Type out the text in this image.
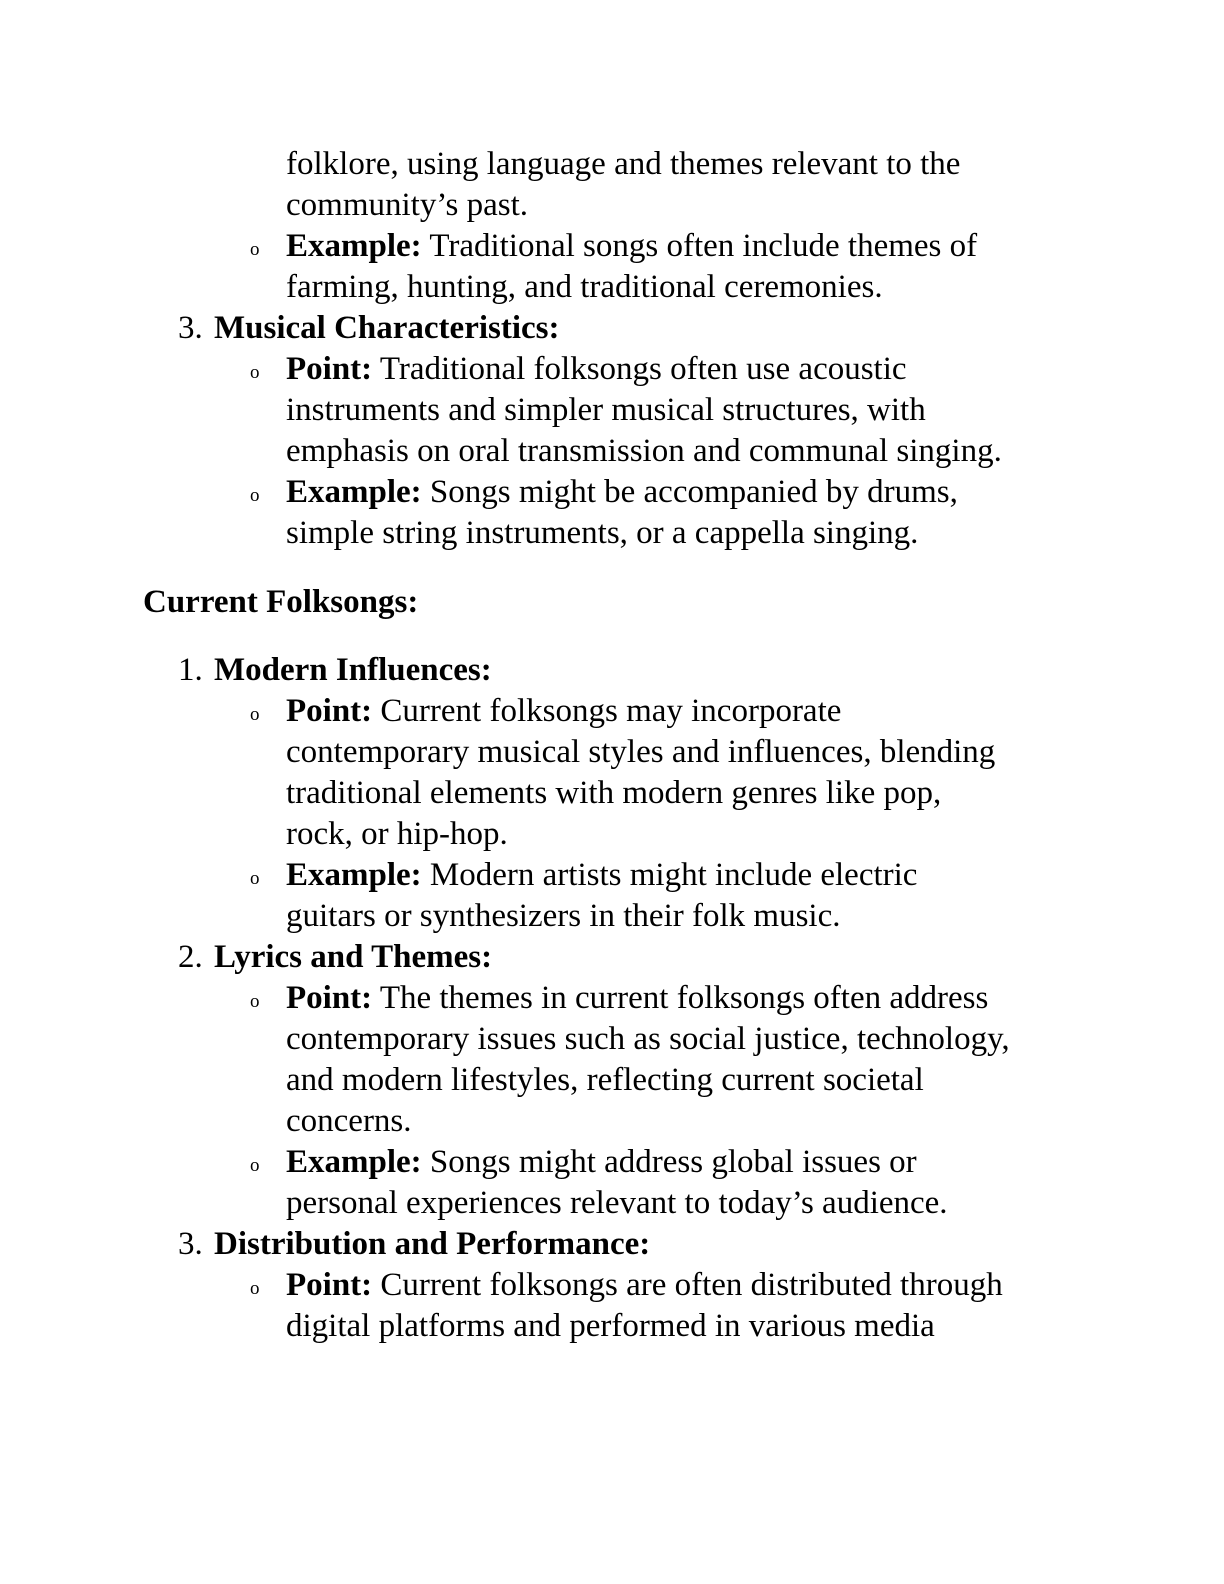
folklore, using language and themes relevant to the
community’s past.
o Example: Traditional songs often include themes of
farming, hunting, and traditional ceremonies.
3. Musical Characteristics:
o Point: Traditional folksongs often use acoustic
instruments and simpler musical structures, with
emphasis on oral transmission and communal singing.
o Example: Songs might be accompanied by drums,
simple string instruments, or a cappella singing.
Current Folksongs:
1. Modern Influences:
o Point: Current folksongs may incorporate
contemporary musical styles and influences, blending
traditional elements with modern genres like pop,
rock, or hip-hop.
o Example: Modern artists might include electric
guitars or synthesizers in their folk music.
2. Lyrics and Themes:
o Point: The themes in current folksongs often address
contemporary issues such as social justice, technology,
and modern lifestyles, reflecting current societal
concerns.
o Example: Songs might address global issues or
personal experiences relevant to today’s audience.
3. Distribution and Performance:
o Point: Current folksongs are often distributed through
digital platforms and performed in various media
